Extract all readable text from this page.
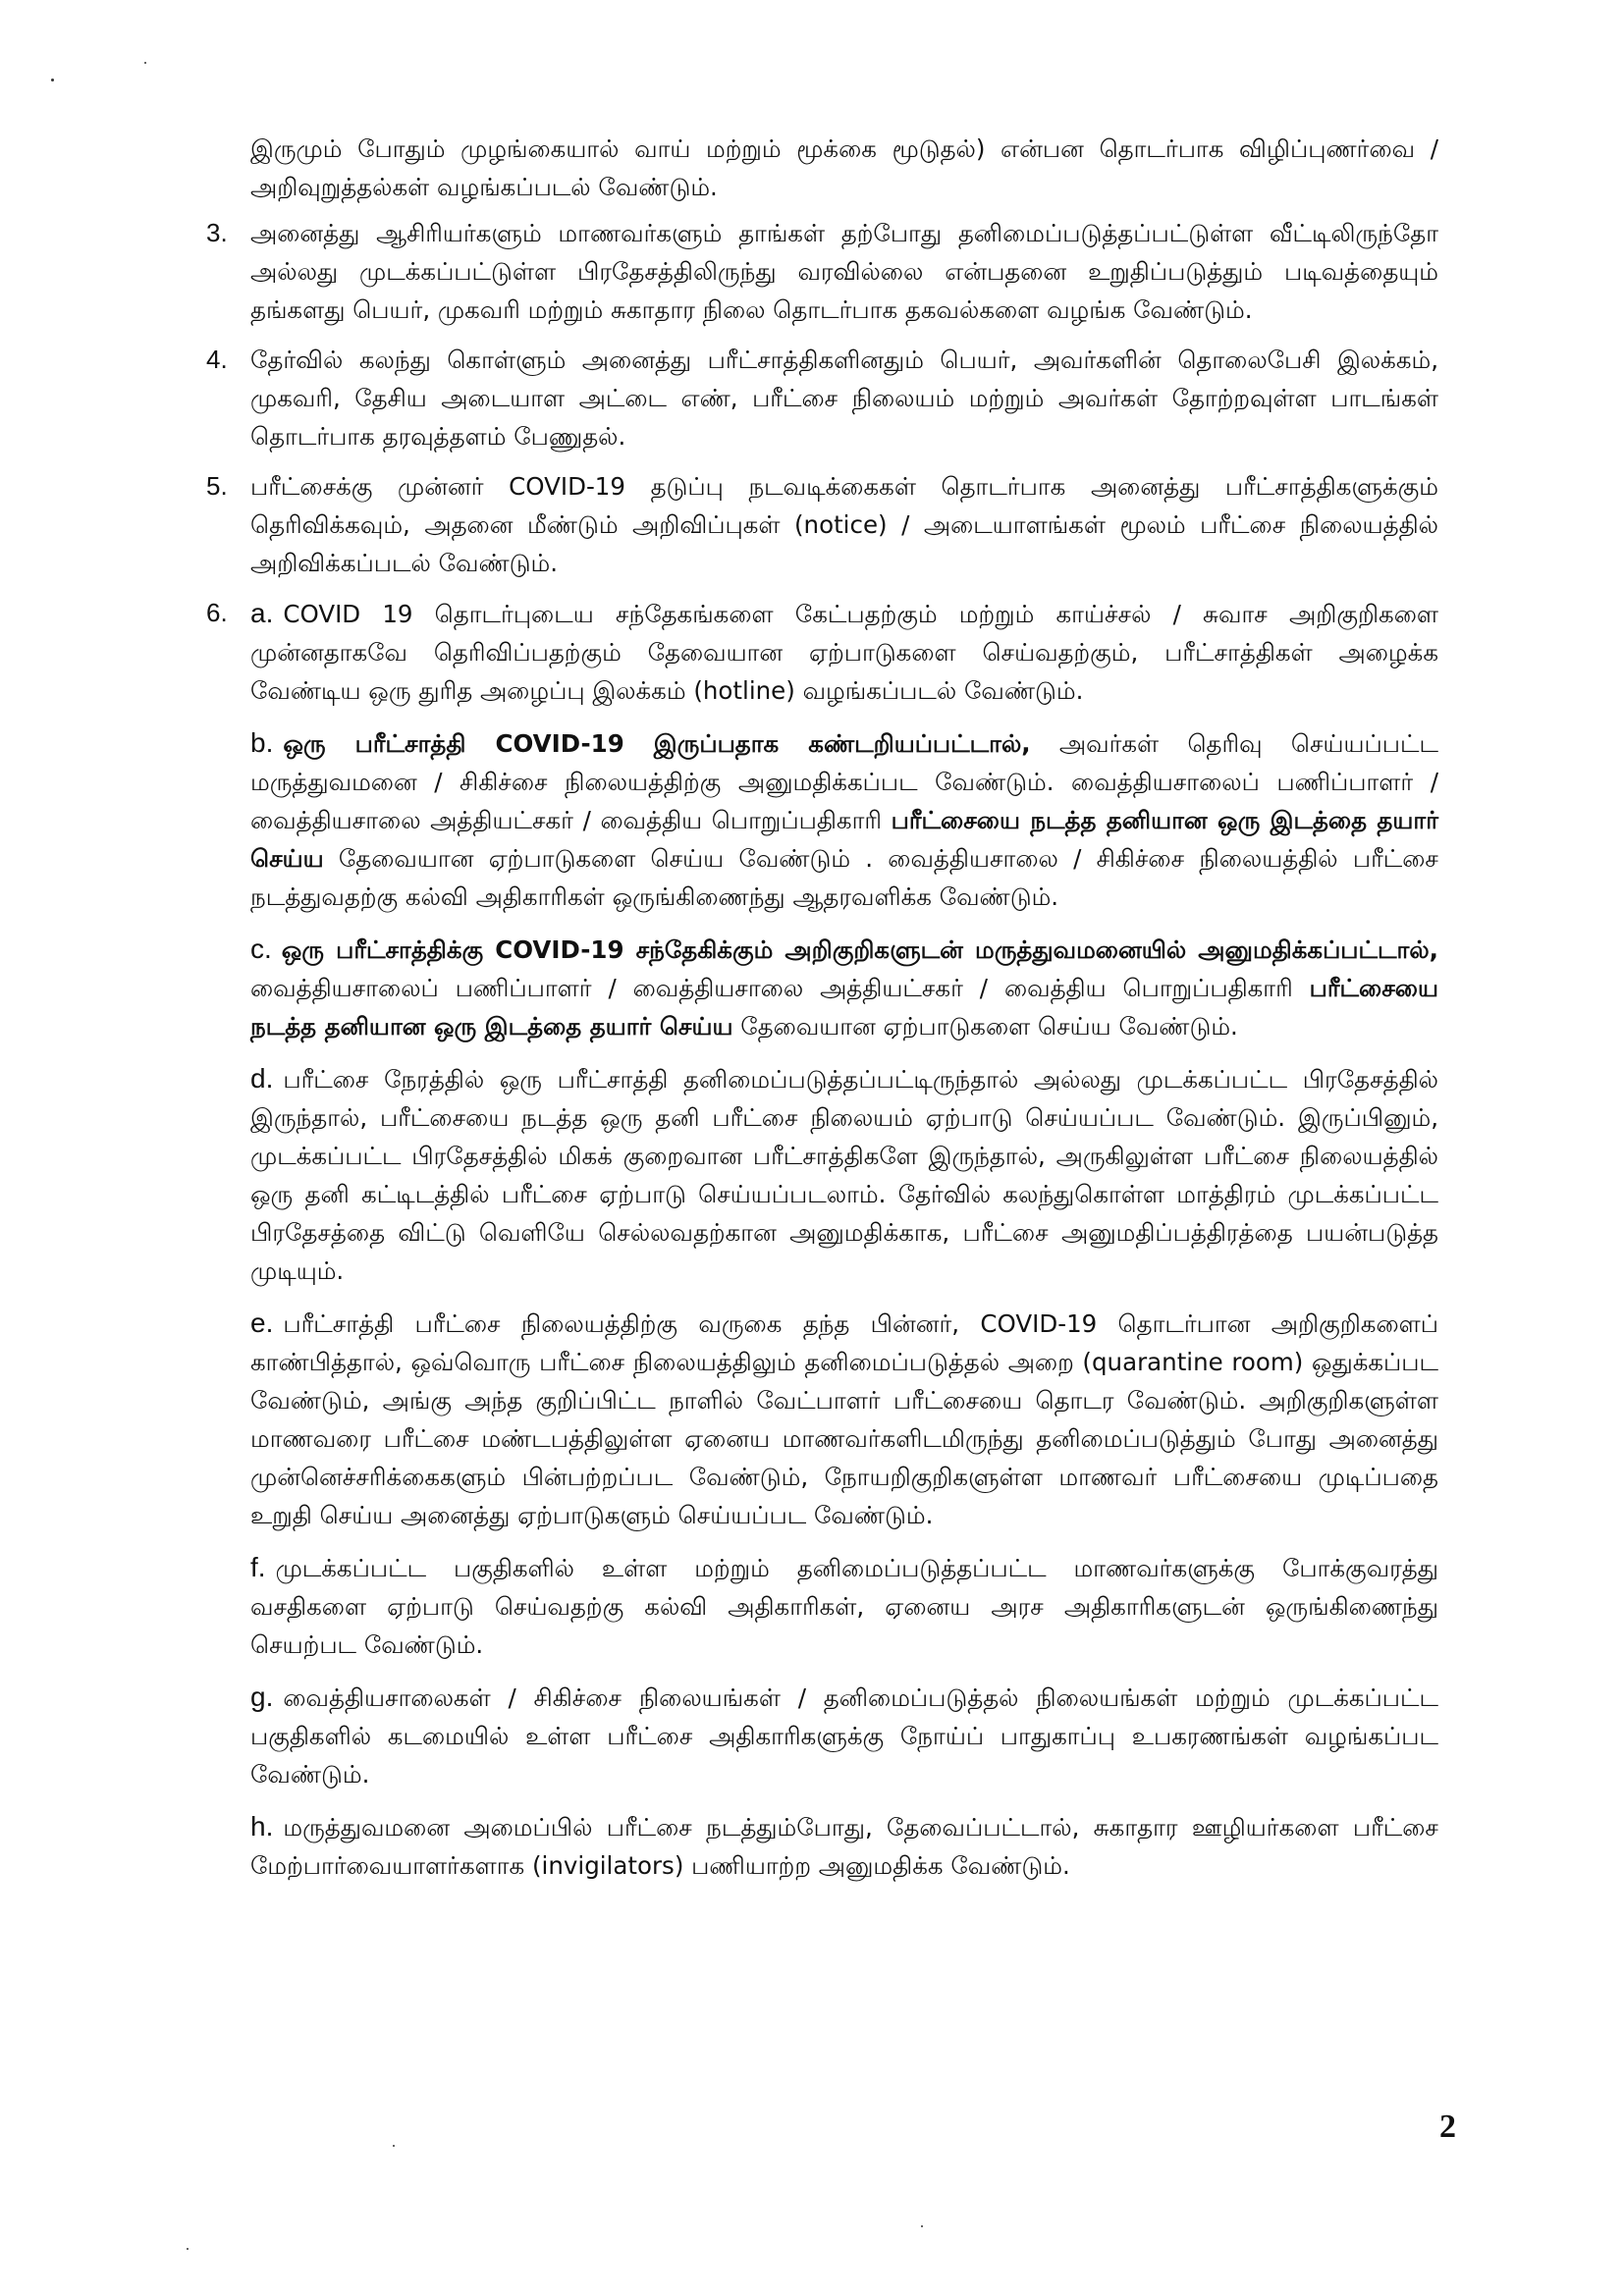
இருமும் போதும் முழங்கையால் வாய் மற்றும் மூக்கை மூடுதல்) என்பன தொடர்பாக விழிப்புணர்வை / அறிவுறுத்தல்கள் வழங்கப்படல் வேண்டும்.

3. அனைத்து ஆசிரியர்களும் மாணவர்களும் தாங்கள் தற்போது தனிமைப்படுத்தப்பட்டுள்ள வீட்டிலிருந்தோ அல்லது முடக்கப்பட்டுள்ள பிரதேசத்திலிருந்து வரவில்லை என்பதனை உறுதிப்படுத்தும் படிவத்தையும் தங்களது பெயர், முகவரி மற்றும் சுகாதார நிலை தொடர்பாக தகவல்களை வழங்க வேண்டும்.

4. தேர்வில் கலந்து கொள்ளும் அனைத்து பரீட்சாத்திகளினதும் பெயர், அவர்களின் தொலைபேசி இலக்கம், முகவரி, தேசிய அடையாள அட்டை எண், பரீட்சை நிலையம் மற்றும் அவர்கள் தோற்றவுள்ள பாடங்கள் தொடர்பாக தரவுத்தளம் பேணுதல்.

5. பரீட்சைக்கு முன்னர் COVID-19 தடுப்பு நடவடிக்கைகள் தொடர்பாக அனைத்து பரீட்சாத்திகளுக்கும் தெரிவிக்கவும், அதனை மீண்டும் அறிவிப்புகள் (notice) / அடையாளங்கள் மூலம் பரீட்சை நிலையத்தில் அறிவிக்கப்படல் வேண்டும்.

6. a. COVID 19 தொடர்புடைய சந்தேகங்களை கேட்பதற்கும் மற்றும் காய்ச்சல் / சுவாச அறிகுறிகளை முன்னதாகவே தெரிவிப்பதற்கும் தேவையான ஏற்பாடுகளை செய்வதற்கும், பரீட்சாத்திகள் அழைக்க வேண்டிய ஒரு துரித அழைப்பு இலக்கம் (hotline) வழங்கப்படல் வேண்டும்.

b. ஒரு பரீட்சாத்தி COVID-19 இருப்பதாக கண்டறியப்பட்டால், அவர்கள் தெரிவு செய்யப்பட்ட மருத்துவமனை / சிகிச்சை நிலையத்திற்கு அனுமதிக்கப்பட வேண்டும். வைத்தியசாலைப் பணிப்பாளர் / வைத்தியசாலை அத்தியட்சகர் / வைத்திய பொறுப்பதிகாரி பரீட்சையை நடத்த தனியான ஒரு இடத்தை தயார் செய்ய தேவையான ஏற்பாடுகளை செய்ய வேண்டும் . வைத்தியசாலை / சிகிச்சை நிலையத்தில் பரீட்சை நடத்துவதற்கு கல்வி அதிகாரிகள் ஒருங்கிணைந்து ஆதரவளிக்க வேண்டும்.

c. ஒரு பரீட்சாத்திக்கு COVID-19 சந்தேகிக்கும் அறிகுறிகளுடன் மருத்துவமனையில் அனுமதிக்கப்பட்டால், வைத்தியசாலைப் பணிப்பாளர் / வைத்தியசாலை அத்தியட்சகர் / வைத்திய பொறுப்பதிகாரி பரீட்சையை நடத்த தனியான ஒரு இடத்தை தயார் செய்ய தேவையான ஏற்பாடுகளை செய்ய வேண்டும்.

d. பரீட்சை நேரத்தில் ஒரு பரீட்சாத்தி தனிமைப்படுத்தப்பட்டிருந்தால் அல்லது முடக்கப்பட்ட பிரதேசத்தில் இருந்தால், பரீட்சையை நடத்த ஒரு தனி பரீட்சை நிலையம் ஏற்பாடு செய்யப்பட வேண்டும். இருப்பினும், முடக்கப்பட்ட பிரதேசத்தில் மிகக் குறைவான பரீட்சாத்திகளே இருந்தால், அருகிலுள்ள பரீட்சை நிலையத்தில் ஒரு தனி கட்டிடத்தில் பரீட்சை ஏற்பாடு செய்யப்படலாம். தேர்வில் கலந்துகொள்ள மாத்திரம் முடக்கப்பட்ட பிரதேசத்தை விட்டு வெளியே செல்லவதற்கான அனுமதிக்காக, பரீட்சை அனுமதிப்பத்திரத்தை பயன்படுத்த முடியும்.

e. பரீட்சாத்தி பரீட்சை நிலையத்திற்கு வருகை தந்த பின்னர், COVID-19 தொடர்பான அறிகுறிகளைப் காண்பித்தால், ஒவ்வொரு பரீட்சை நிலையத்திலும் தனிமைப்படுத்தல் அறை (quarantine room) ஒதுக்கப்பட வேண்டும், அங்கு அந்த குறிப்பிட்ட நாளில் வேட்பாளர் பரீட்சையை தொடர வேண்டும். அறிகுறிகளுள்ள மாணவரை பரீட்சை மண்டபத்திலுள்ள ஏனைய மாணவர்களிடமிருந்து தனிமைப்படுத்தும் போது அனைத்து முன்னெச்சரிக்கைகளும் பின்பற்றப்பட வேண்டும், நோயறிகுறிகளுள்ள மாணவர் பரீட்சையை முடிப்பதை உறுதி செய்ய அனைத்து ஏற்பாடுகளும் செய்யப்பட வேண்டும்.

f. முடக்கப்பட்ட பகுதிகளில் உள்ள மற்றும் தனிமைப்படுத்தப்பட்ட மாணவர்களுக்கு போக்குவரத்து வசதிகளை ஏற்பாடு செய்வதற்கு கல்வி அதிகாரிகள், ஏனைய அரச அதிகாரிகளுடன் ஒருங்கிணைந்து செயற்பட வேண்டும்.

g. வைத்தியசாலைகள் / சிகிச்சை நிலையங்கள் / தனிமைப்படுத்தல் நிலையங்கள் மற்றும் முடக்கப்பட்ட பகுதிகளில் கடமையில் உள்ள பரீட்சை அதிகாரிகளுக்கு நோய்ப் பாதுகாப்பு உபகரணங்கள் வழங்கப்பட வேண்டும்.

h. மருத்துவமனை அமைப்பில் பரீட்சை நடத்தும்போது, தேவைப்பட்டால், சுகாதார ஊழியர்களை பரீட்சை மேற்பார்வையாளர்களாக (invigilators) பணியாற்ற அனுமதிக்க வேண்டும்.

2
